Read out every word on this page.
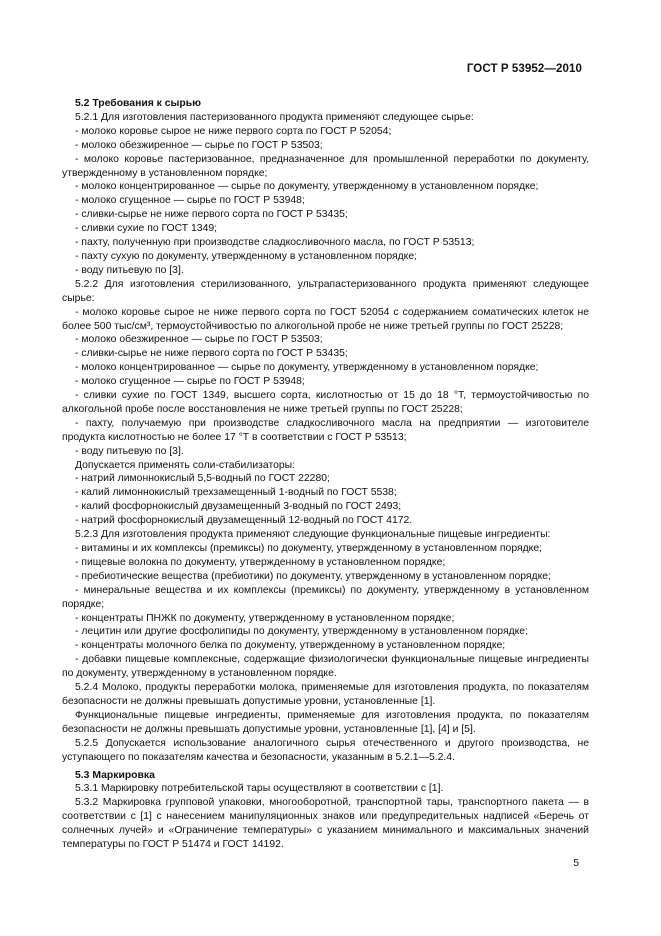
ГОСТ Р 53952—2010

5.2 Требования к сырью

5.2.1 Для изготовления пастеризованного продукта применяют следующее сырье:

- молоко коровье сырое не ниже первого сорта по ГОСТ Р 52054;

- молоко обезжиренное — сырье по ГОСТ Р 53503;

- молоко коровье пастеризованное, предназначенное для промышленной переработки по документу, утвержденному в установленном порядке;

- молоко концентрированное — сырье по документу, утвержденному в установленном порядке;

- молоко сгущенное — сырье по ГОСТ Р 53948;

- сливки-сырье не ниже первого сорта по ГОСТ Р 53435;

- сливки сухие по ГОСТ 1349;

- пахту, полученную при производстве сладкосливочного масла, по ГОСТ Р 53513;

- пахту сухую по документу, утвержденному в установленном порядке;

- воду питьевую по [3].

5.2.2 Для изготовления стерилизованного, ультрапастеризованного продукта применяют следующее сырье:

- молоко коровье сырое не ниже первого сорта по ГОСТ 52054 с содержанием соматических клеток не более 500 тыс/см³, термоустойчивостью по алкогольной пробе не ниже третьей группы по ГОСТ 25228;

- молоко обезжиренное — сырье по ГОСТ Р 53503;

- сливки-сырье не ниже первого сорта по ГОСТ Р 53435;

- молоко концентрированное — сырье по документу, утвержденному в установленном порядке;

- молоко сгущенное — сырье по ГОСТ Р 53948;

- сливки сухие по ГОСТ 1349, высшего сорта, кислотностью от 15 до 18 °Т, термоустойчивостью по алкогольной пробе после восстановления не ниже третьей группы по ГОСТ 25228;

- пахту, получаемую при производстве сладкосливочного масла на предприятии — изготовителе продукта кислотностью не более 17 °Т в соответствии с ГОСТ Р 53513;

- воду питьевую по [3].

Допускается применять соли-стабилизаторы:

- натрий лимоннокислый 5,5-водный по ГОСТ 22280;

- калий лимоннокислый трехзамещенный 1-водный по ГОСТ 5538;

- калий фосфорнокислый двузамещенный 3-водный по ГОСТ 2493;

- натрий фосфорнокислый двузамещенный 12-водный по ГОСТ 4172.

5.2.3 Для изготовления продукта применяют следующие функциональные пищевые ингредиенты:

- витамины и их комплексы (премиксы) по документу, утвержденному в установленном порядке;

- пищевые волокна по документу, утвержденному в установленном порядке;

- пребиотические вещества (пребиотики) по документу, утвержденному в установленном порядке;

- минеральные вещества и их комплексы (премиксы) по документу, утвержденному в установленном порядке;

- концентраты ПНЖК по документу, утвержденному в установленном порядке;

- лецитин или другие фосфолипиды по документу, утвержденному в установленном порядке;

- концентраты молочного белка по документу, утвержденному в установленном порядке;

- добавки пищевые комплексные, содержащие физиологически функциональные пищевые ингредиенты по документу, утвержденному в установленном порядке.

5.2.4 Молоко, продукты переработки молока, применяемые для изготовления продукта, по показателям безопасности не должны превышать допустимые уровни, установленные [1].

Функциональные пищевые ингредиенты, применяемые для изготовления продукта, по показателям безопасности не должны превышать допустимые уровни, установленные [1], [4] и [5].

5.2.5 Допускается использование аналогичного сырья отечественного и другого производства, не уступающего по показателям качества и безопасности, указанным в 5.2.1—5.2.4.

5.3 Маркировка

5.3.1 Маркировку потребительской тары осуществляют в соответствии с [1].

5.3.2 Маркировка групповой упаковки, многооборотной, транспортной тары, транспортного пакета — в соответствии с [1] с нанесением манипуляционных знаков или предупредительных надписей «Беречь от солнечных лучей» и «Ограничение температуры» с указанием минимального и максимальных значений температуры по ГОСТ Р 51474 и ГОСТ 14192.

5
